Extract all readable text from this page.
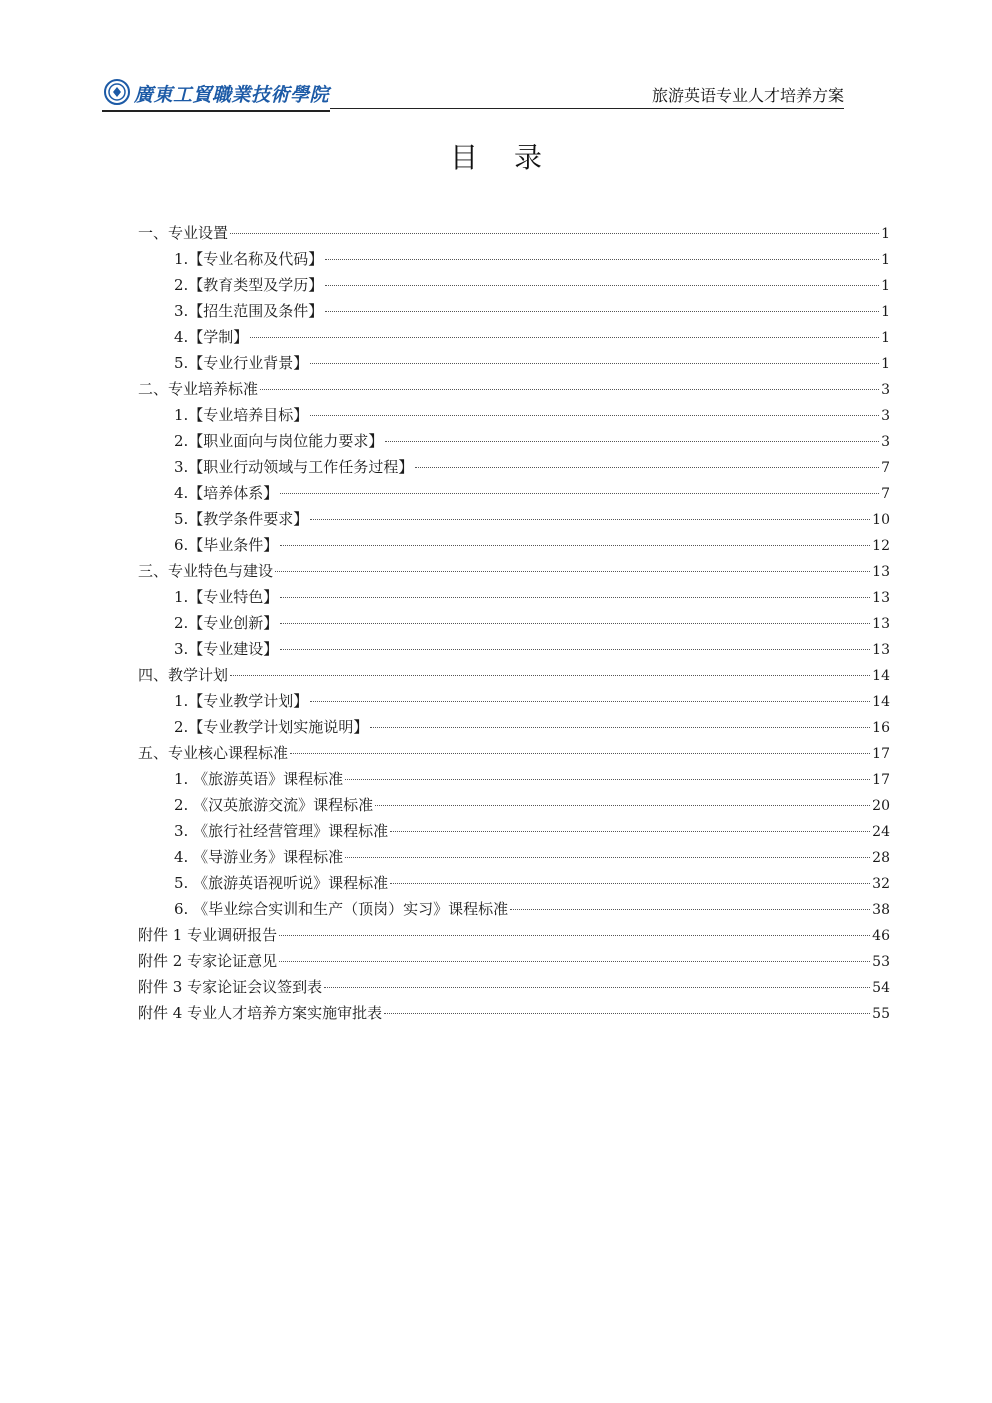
廣東工貿職業技術學院	旅游英语专业人才培养方案
目录
一、专业设置	1
1.【专业名称及代码】	1
2.【教育类型及学历】	1
3.【招生范围及条件】	1
4.【学制】	1
5.【专业行业背景】	1
二、专业培养标准	3
1.【专业培养目标】	3
2.【职业面向与岗位能力要求】	3
3.【职业行动领域与工作任务过程】	7
4.【培养体系】	7
5.【教学条件要求】	10
6.【毕业条件】	12
三、专业特色与建设	13
1.【专业特色】	13
2.【专业创新】	13
3.【专业建设】	13
四、教学计划	14
1.【专业教学计划】	14
2.【专业教学计划实施说明】	16
五、专业核心课程标准	17
1. 《旅游英语》课程标准	17
2. 《汉英旅游交流》课程标准	20
3. 《旅行社经营管理》课程标准	24
4. 《导游业务》课程标准	28
5. 《旅游英语视听说》课程标准	32
6. 《毕业综合实训和生产（顶岗）实习》课程标准	38
附件 1 专业调研报告	46
附件 2 专家论证意见	53
附件 3 专家论证会议签到表	54
附件 4 专业人才培养方案实施审批表	55
